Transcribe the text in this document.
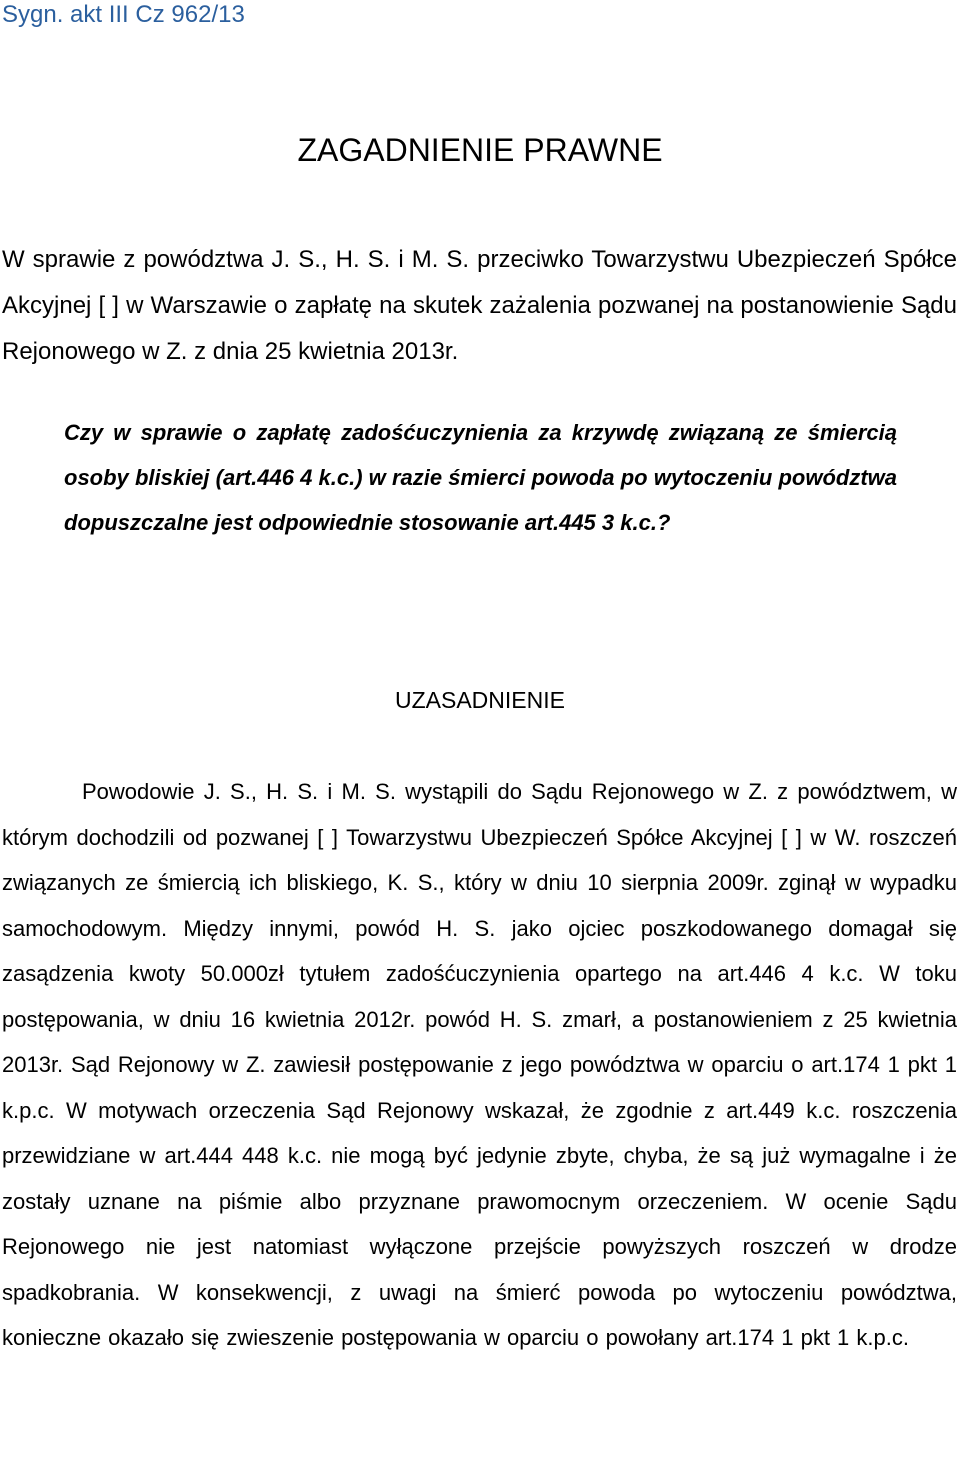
Sygn. akt III Cz 962/13
ZAGADNIENIE PRAWNE
W sprawie z powództwa J. S., H. S. i M. S. przeciwko Towarzystwu Ubezpieczeń Spółce Akcyjnej [ ] w Warszawie o zapłatę na skutek zażalenia pozwanej na postanowienie Sądu Rejonowego w Z. z dnia 25 kwietnia 2013r.
Czy w sprawie o zapłatę zadośćuczynienia za krzywdę związaną ze śmiercią osoby bliskiej (art.446 4 k.c.) w razie śmierci powoda po wytoczeniu powództwa dopuszczalne jest odpowiednie stosowanie art.445 3 k.c.?
UZASADNIENIE
Powodowie J. S., H. S. i M. S. wystąpili do Sądu Rejonowego w Z. z powództwem, w którym dochodzili od pozwanej [ ] Towarzystwu Ubezpieczeń Spółce Akcyjnej [ ] w W. roszczeń związanych ze śmiercią ich bliskiego, K. S., który w dniu 10 sierpnia 2009r. zginął w wypadku samochodowym. Między innymi, powód H. S. jako ojciec poszkodowanego domagał się zasądzenia kwoty 50.000zł tytułem zadośćuczynienia opartego na art.446 4 k.c. W toku postępowania, w dniu 16 kwietnia 2012r. powód H. S. zmarł, a postanowieniem z 25 kwietnia 2013r. Sąd Rejonowy w Z. zawiesił postępowanie z jego powództwa w oparciu o art.174 1 pkt 1 k.p.c. W motywach orzeczenia Sąd Rejonowy wskazał, że zgodnie z art.449 k.c. roszczenia przewidziane w art.444 448 k.c. nie mogą być jedynie zbyte, chyba, że są już wymagalne i że zostały uznane na piśmie albo przyznane prawomocnym orzeczeniem. W ocenie Sądu Rejonowego nie jest natomiast wyłączone przejście powyższych roszczeń w drodze spadkobrania. W konsekwencji, z uwagi na śmierć powoda po wytoczeniu powództwa, konieczne okazało się zwieszenie postępowania w oparciu o powołany art.174 1 pkt 1 k.p.c.
